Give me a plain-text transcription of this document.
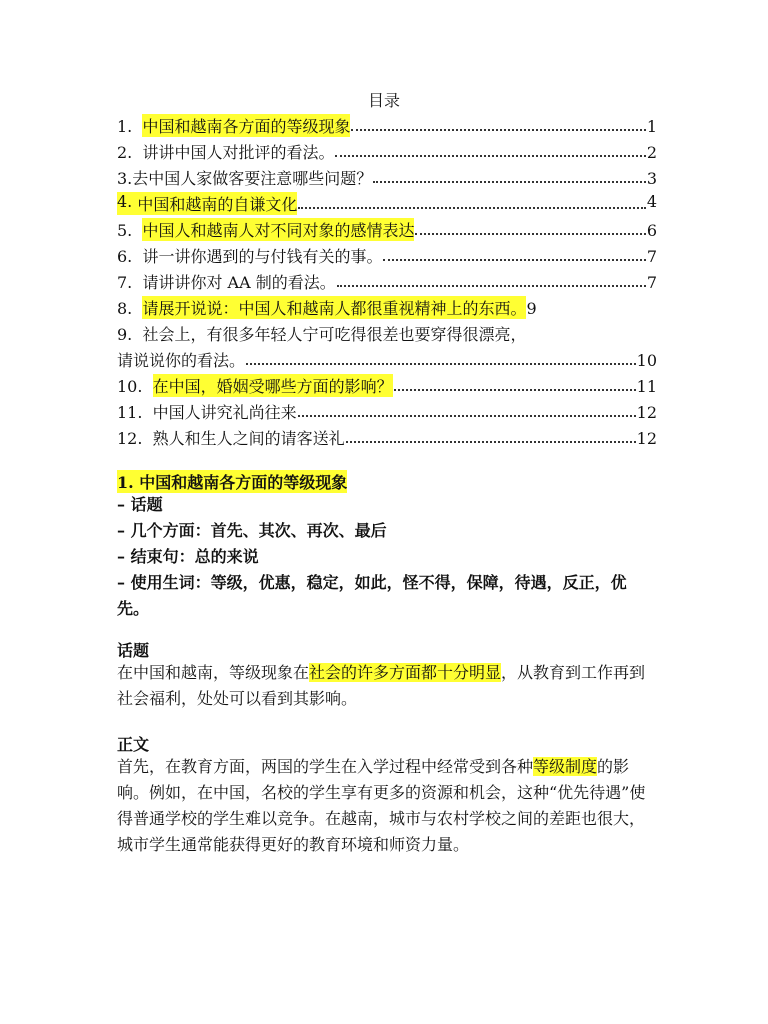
目录
1.
中国和越南各方面的等级现象	1
2.
讲讲中国人对批评的看法。	2
3. 去中国人家做客要注意哪些问题？	3
4.
中国和越南的自谦文化	4
5.
中国人和越南人对不同对象的感情表达	6
6.
讲一讲你遇到的与付钱有关的事。	7
7.
请讲讲你对 AA 制的看法。	7
8.
请展开说说：中国人和越南人都很重视精神上的东西。 9
9. 社会上，有很多年轻人宁可吃得很差也要穿得很漂亮，
请说说你的看法。	10
10.
在中国，婚姻受哪些方面的影响？	11
11.
中国人讲究礼尚往来	12
12.
熟人和生人之间的请客送礼	12
1. 中国和越南各方面的等级现象
– 话题
– 几个方面：首先、其次、再次、最后
– 结束句：总的来说
– 使用生词：等级，优惠，稳定，如此，怪不得，保障，待遇，反正，优先。
话题
在中国和越南，等级现象在社会的许多方面都十分明显，从教育到工作再到社会福利，处处可以看到其影响。
正文
首先，在教育方面，两国的学生在入学过程中经常受到各种等级制度的影响。例如，在中国，名校的学生享有更多的资源和机会，这种“优先待遇”使得普通学校的学生难以竞争。在越南，城市与农村学校之间的差距也很大，城市学生通常能获得更好的教育环境和师资力量。
